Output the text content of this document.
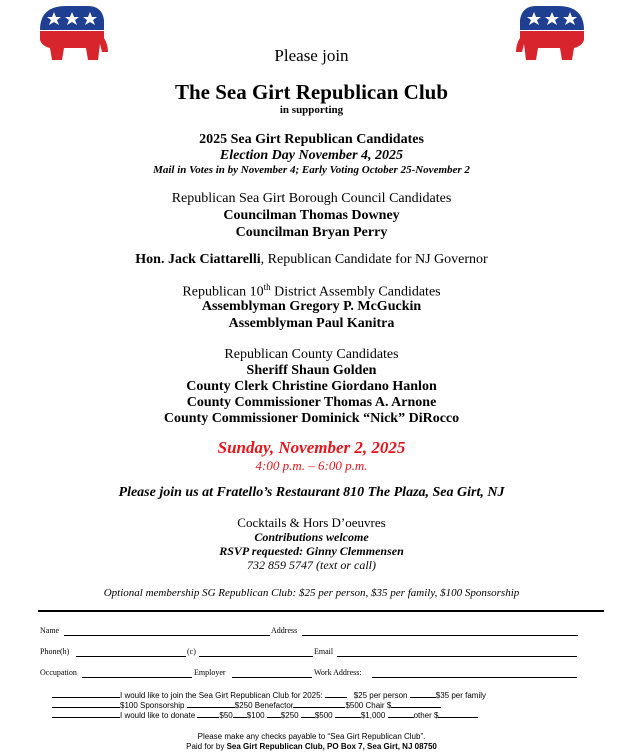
Please join
The Sea Girt Republican Club
in supporting
2025 Sea Girt Republican Candidates
Election Day November 4, 2025
Mail in Votes in by November 4; Early Voting October 25-November 2
Republican Sea Girt Borough Council Candidates
Councilman Thomas Downey
Councilman Bryan Perry
Hon. Jack Ciattarelli, Republican Candidate for NJ Governor
Republican 10th District Assembly Candidates
Assemblyman Gregory P. McGuckin
Assemblyman Paul Kanitra
Republican County Candidates
Sheriff Shaun Golden
County Clerk Christine Giordano Hanlon
County Commissioner Thomas A. Arnone
County Commissioner Dominick “Nick” DiRocco
Sunday, November 2, 2025
4:00 p.m. – 6:00 p.m.
Please join us at Fratello’s Restaurant 810 The Plaza, Sea Girt, NJ
Cocktails & Hors D’oeuvres
Contributions welcome
RSVP requested: Ginny Clemmensen
732 859 5747 (text or call)
Optional membership SG Republican Club: $25 per person, $35 per family, $100 Sponsorship
Name	Address
Phone(h)	(c)	Email
Occupation	Employer	Work Address:
I would like to join the Sea Girt Republican Club for 2025:	$25 per person	$35 per family
$100 Sponsorship	$250 Benefactor	$500 Chair $
I would like to donate	$50 $100 $250 $500	$1,000	other $
Please make any checks payable to “Sea Girt Republican Club”.
Paid for by Sea Girt Republican Club, PO Box 7, Sea Girt, NJ 08750
